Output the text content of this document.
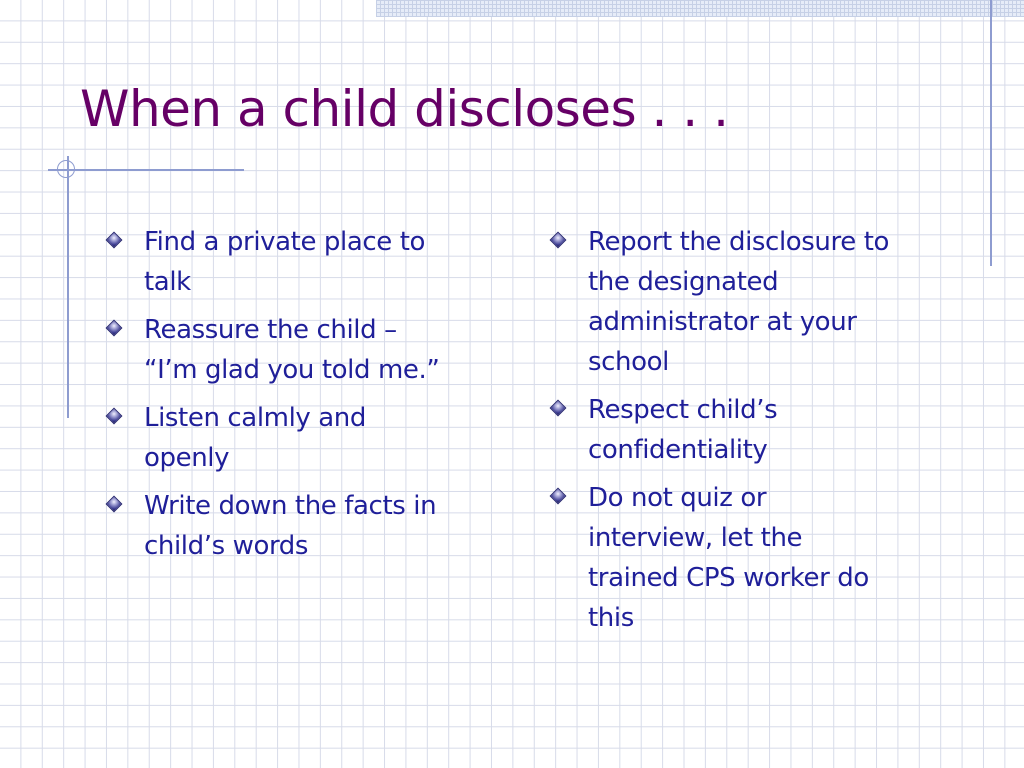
When a child discloses . . .
Find a private place to
talk
Reassure the child –
“I’m glad you told me.”
Listen calmly and
openly
Write down the facts in
child’s words
Report the disclosure to
the designated
administrator at your
school
Respect child’s
confidentiality
Do not quiz or
interview, let the
trained CPS worker do
this
